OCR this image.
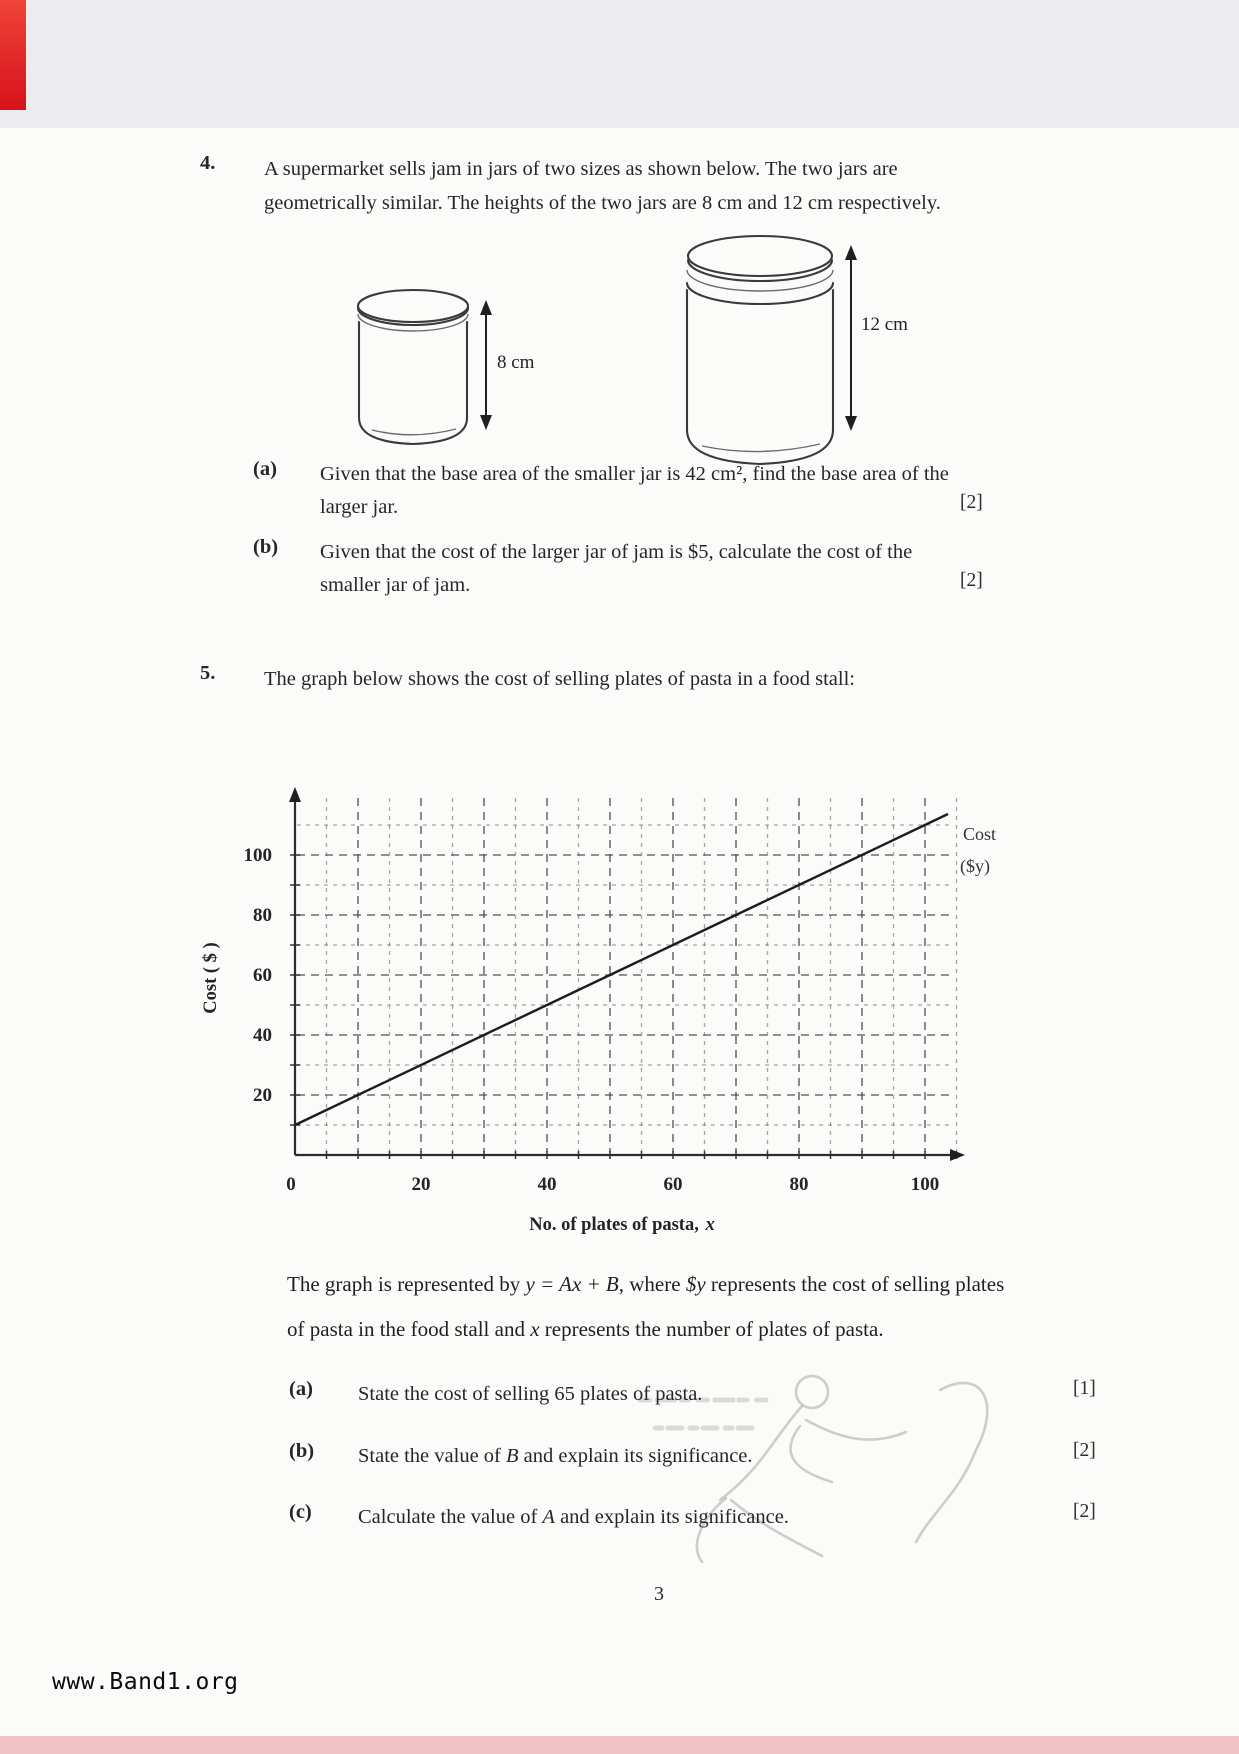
4.	A supermarket sells jam in jars of two sizes as shown below. The two jars are
geometrically similar. The heights of the two jars are 8 cm and 12 cm respectively.
8 cm
12 cm
(a)	Given that the base area of the smaller jar is 42 cm², find the base area of the
larger jar.	[2]
(b)	Given that the cost of the larger jar of jam is $5, calculate the cost of the
smaller jar of jam.	[2]
5.	The graph below shows the cost of selling plates of pasta in a food stall:
100
80
60
40
20
0	20	40	60	80	100
Cost ( $ )
No. of plates of pasta, x
Cost
($y)
The graph is represented by y = Ax + B, where $y represents the cost of selling plates
of pasta in the food stall and x represents the number of plates of pasta.
(a)	State the cost of selling 65 plates of pasta.	[1]
(b)	State the value of B and explain its significance.	[2]
(c)	Calculate the value of A and explain its significance.	[2]
3
www.Band1.org
